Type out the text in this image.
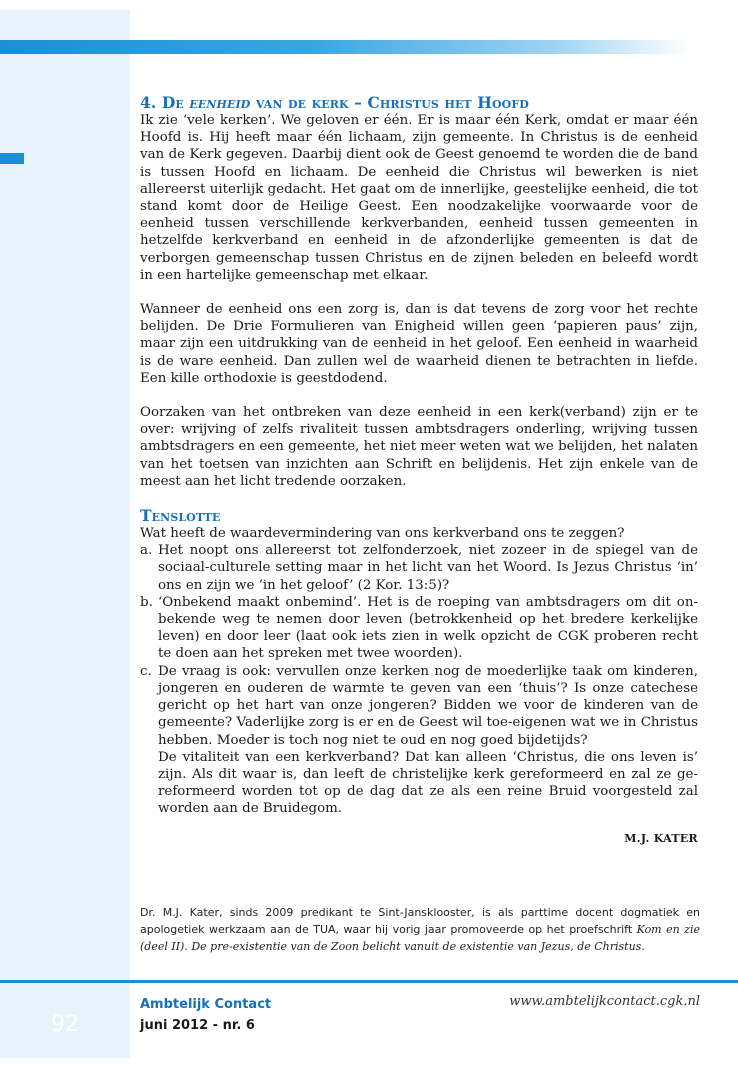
4. De eenheid van de kerk – Christus het Hoofd

Ik zie ‘vele kerken’. We geloven er één. Er is maar één Kerk, omdat er maar één Hoofd is. Hij heeft maar één lichaam, zijn gemeente. In Christus is de eenheid van de Kerk gegeven. Daarbij dient ook de Geest genoemd te worden die de band is tussen Hoofd en lichaam. De eenheid die Christus wil bewerken is niet allereerst uiterlijk gedacht. Het gaat om de innerlijke, geestelijke eenheid, die tot stand komt door de Heilige Geest. Een noodzakelijke voorwaarde voor de eenheid tussen verschillende kerkverbanden, eenheid tussen gemeenten in hetzelfde kerkverband en eenheid in de afzonderlijke gemeenten is dat de verborgen gemeenschap tussen Christus en de zijnen beleden en beleefd wordt in een hartelijke gemeenschap met elkaar.

Wanneer de eenheid ons een zorg is, dan is dat tevens de zorg voor het rechte belijden. De Drie Formulieren van Enigheid willen geen ‘papieren paus’ zijn, maar zijn een uitdrukking van de eenheid in het geloof. Een eenheid in waarheid is de ware eenheid. Dan zullen wel de waarheid dienen te betrachten in liefde. Een kille orthodoxie is geestdodend.

Oorzaken van het ontbreken van deze eenheid in een kerk(verband) zijn er te over: wrijving of zelfs rivaliteit tussen ambtsdragers onderling, wrijving tussen ambtsdragers en een gemeente, het niet meer weten wat we belijden, het nalaten van het toetsen van inzichten aan Schrift en belijdenis. Het zijn enkele van de meest aan het licht tredende oorzaken.

Tenslotte

Wat heeft de waardevermindering van ons kerkverband ons te zeggen?

a. Het noopt ons allereerst tot zelfonderzoek, niet zozeer in de spiegel van de sociaal-culturele setting maar in het licht van het Woord. Is Jezus Christus ‘in’ ons en zijn we ‘in het geloof’ (2 Kor. 13:5)?
b. ‘Onbekend maakt onbemind’. Het is de roeping van ambtsdragers om dit onbekende weg te nemen door leven (betrokkenheid op het bredere kerkelijke leven) en door leer (laat ook iets zien in welk opzicht de CGK proberen recht te doen aan het spreken met twee woorden).
c. De vraag is ook: vervullen onze kerken nog de moederlijke taak om kinderen, jongeren en ouderen de warmte te geven van een ‘thuis’? Is onze catechese gericht op het hart van onze jongeren? Bidden we voor de kinderen van de gemeente? Vaderlijke zorg is er en de Geest wil toe-eigenen wat we in Christus hebben. Moeder is toch nog niet te oud en nog goed bijdetijds?
De vitaliteit van een kerkverband? Dat kan alleen ‘Christus, die ons leven is’ zijn. Als dit waar is, dan leeft de christelijke kerk gereformeerd en zal ze gereformeerd worden tot op de dag dat ze als een reine Bruid voorgesteld zal worden aan de Bruidegom.
M.J. KATER
Dr. M.J. Kater, sinds 2009 predikant te Sint-Jansklooster, is als parttime docent dogmatiek en apologetiek werkzaam aan de TUA, waar hij vorig jaar promoveerde op het proefschrift Kom en zie (deel II). De pre-existentie van de Zoon belicht vanuit de existentie van Jezus, de Christus.
92
Ambtelijk Contact
juni 2012 - nr. 6
www.ambtelijkcontact.cgk.nl
